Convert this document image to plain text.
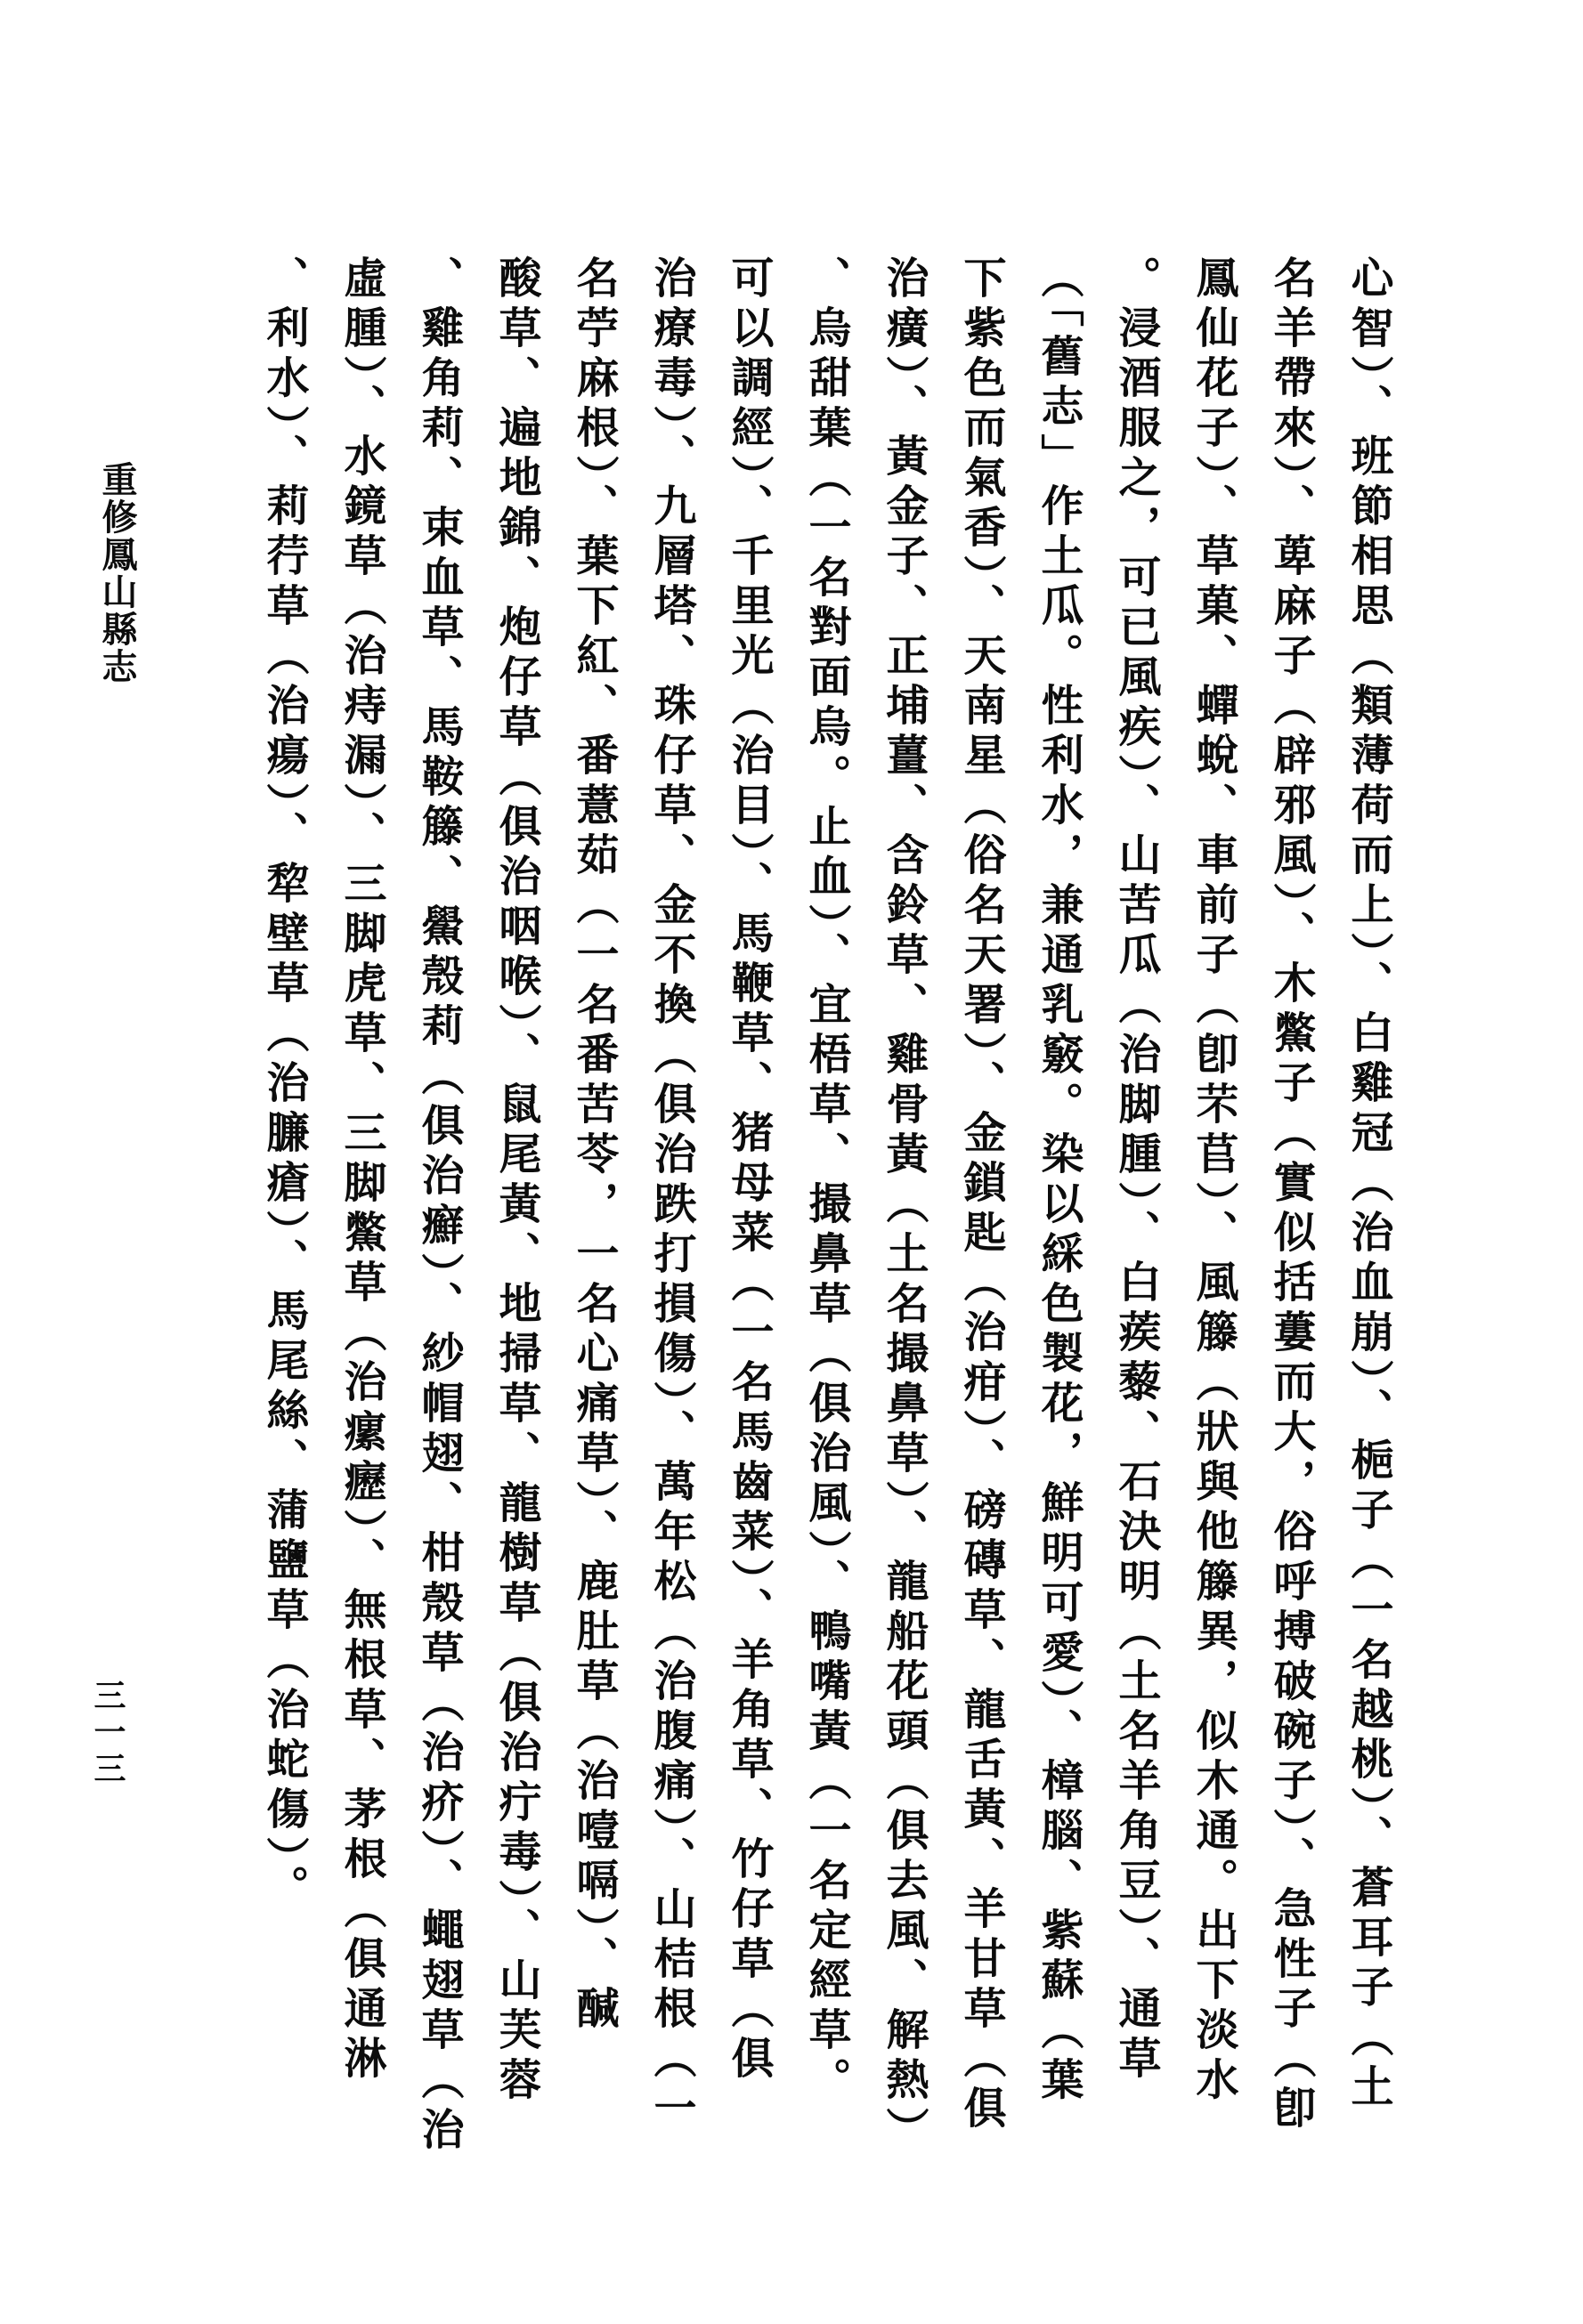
重修鳳山縣志
三一三	心智）、班節相思（類薄荷而上）、白雞冠（治血崩）、梔子（一名越桃）、蒼耳子（土
名羊帶來）、萆麻子（辟邪風）、木鱉子（實似括蔞而大，俗呼搏破碗子）、急性子（卽
鳳仙花子）、草菓、蟬蛻、車前子（卽芣苢）、風籐（狀與他籐異，似木通。出下淡水
。浸酒服之，可已風疾）、山苦瓜（治脚腫）、白蒺藜、石決明（土名羊角豆）、通草
（「舊志」作土瓜。性利水，兼通乳竅。染以綵色製花，鮮明可愛）、樟腦、紫蘇（葉
下紫色而氣香）、天南星（俗名天署）、金鎖匙（治疳）、磅磚草、龍舌黃、羊甘草（俱
治癀）、黃金子、正埔薑、含鈴草、雞骨黃（土名撮鼻草）、龍船花頭（俱去風、解熱）
、烏甜葉（一名對面烏。止血）、宜梧草、撮鼻草（俱治風）、鴨嘴黃（一名定經草。
可以調經）、千里光（治目）、馬鞭草、猪母菜（一名馬齒菜）、羊角草、竹仔草（俱
治療毒）、九層塔、珠仔草、金不換（俱治跌打損傷）、萬年松（治腹痛）、山桔根（一
名苧麻根）、葉下紅、番薏茹（一名番苦苓，一名心痛草）、鹿肚草（治噎嗝）、醎
酸草、遍地錦、炮仔草（俱治咽喉）、鼠尾黃、地掃草、龍樹草（俱治疔毒）、山芙蓉
、雞角莉、束血草、馬鞍籐、鱟殼莉（俱治癬）、紗帽翅、柑殼草（治疥）、蠅翅草（治
虛腫）、水鏡草（治痔漏）、三脚虎草、三脚鱉草（治瘰癧）、無根草、茅根（俱通淋
、利水）、莉荇草（治瘍）、犂壁草（治臁瘡）、馬尾絲、蒲鹽草（治蛇傷）。
